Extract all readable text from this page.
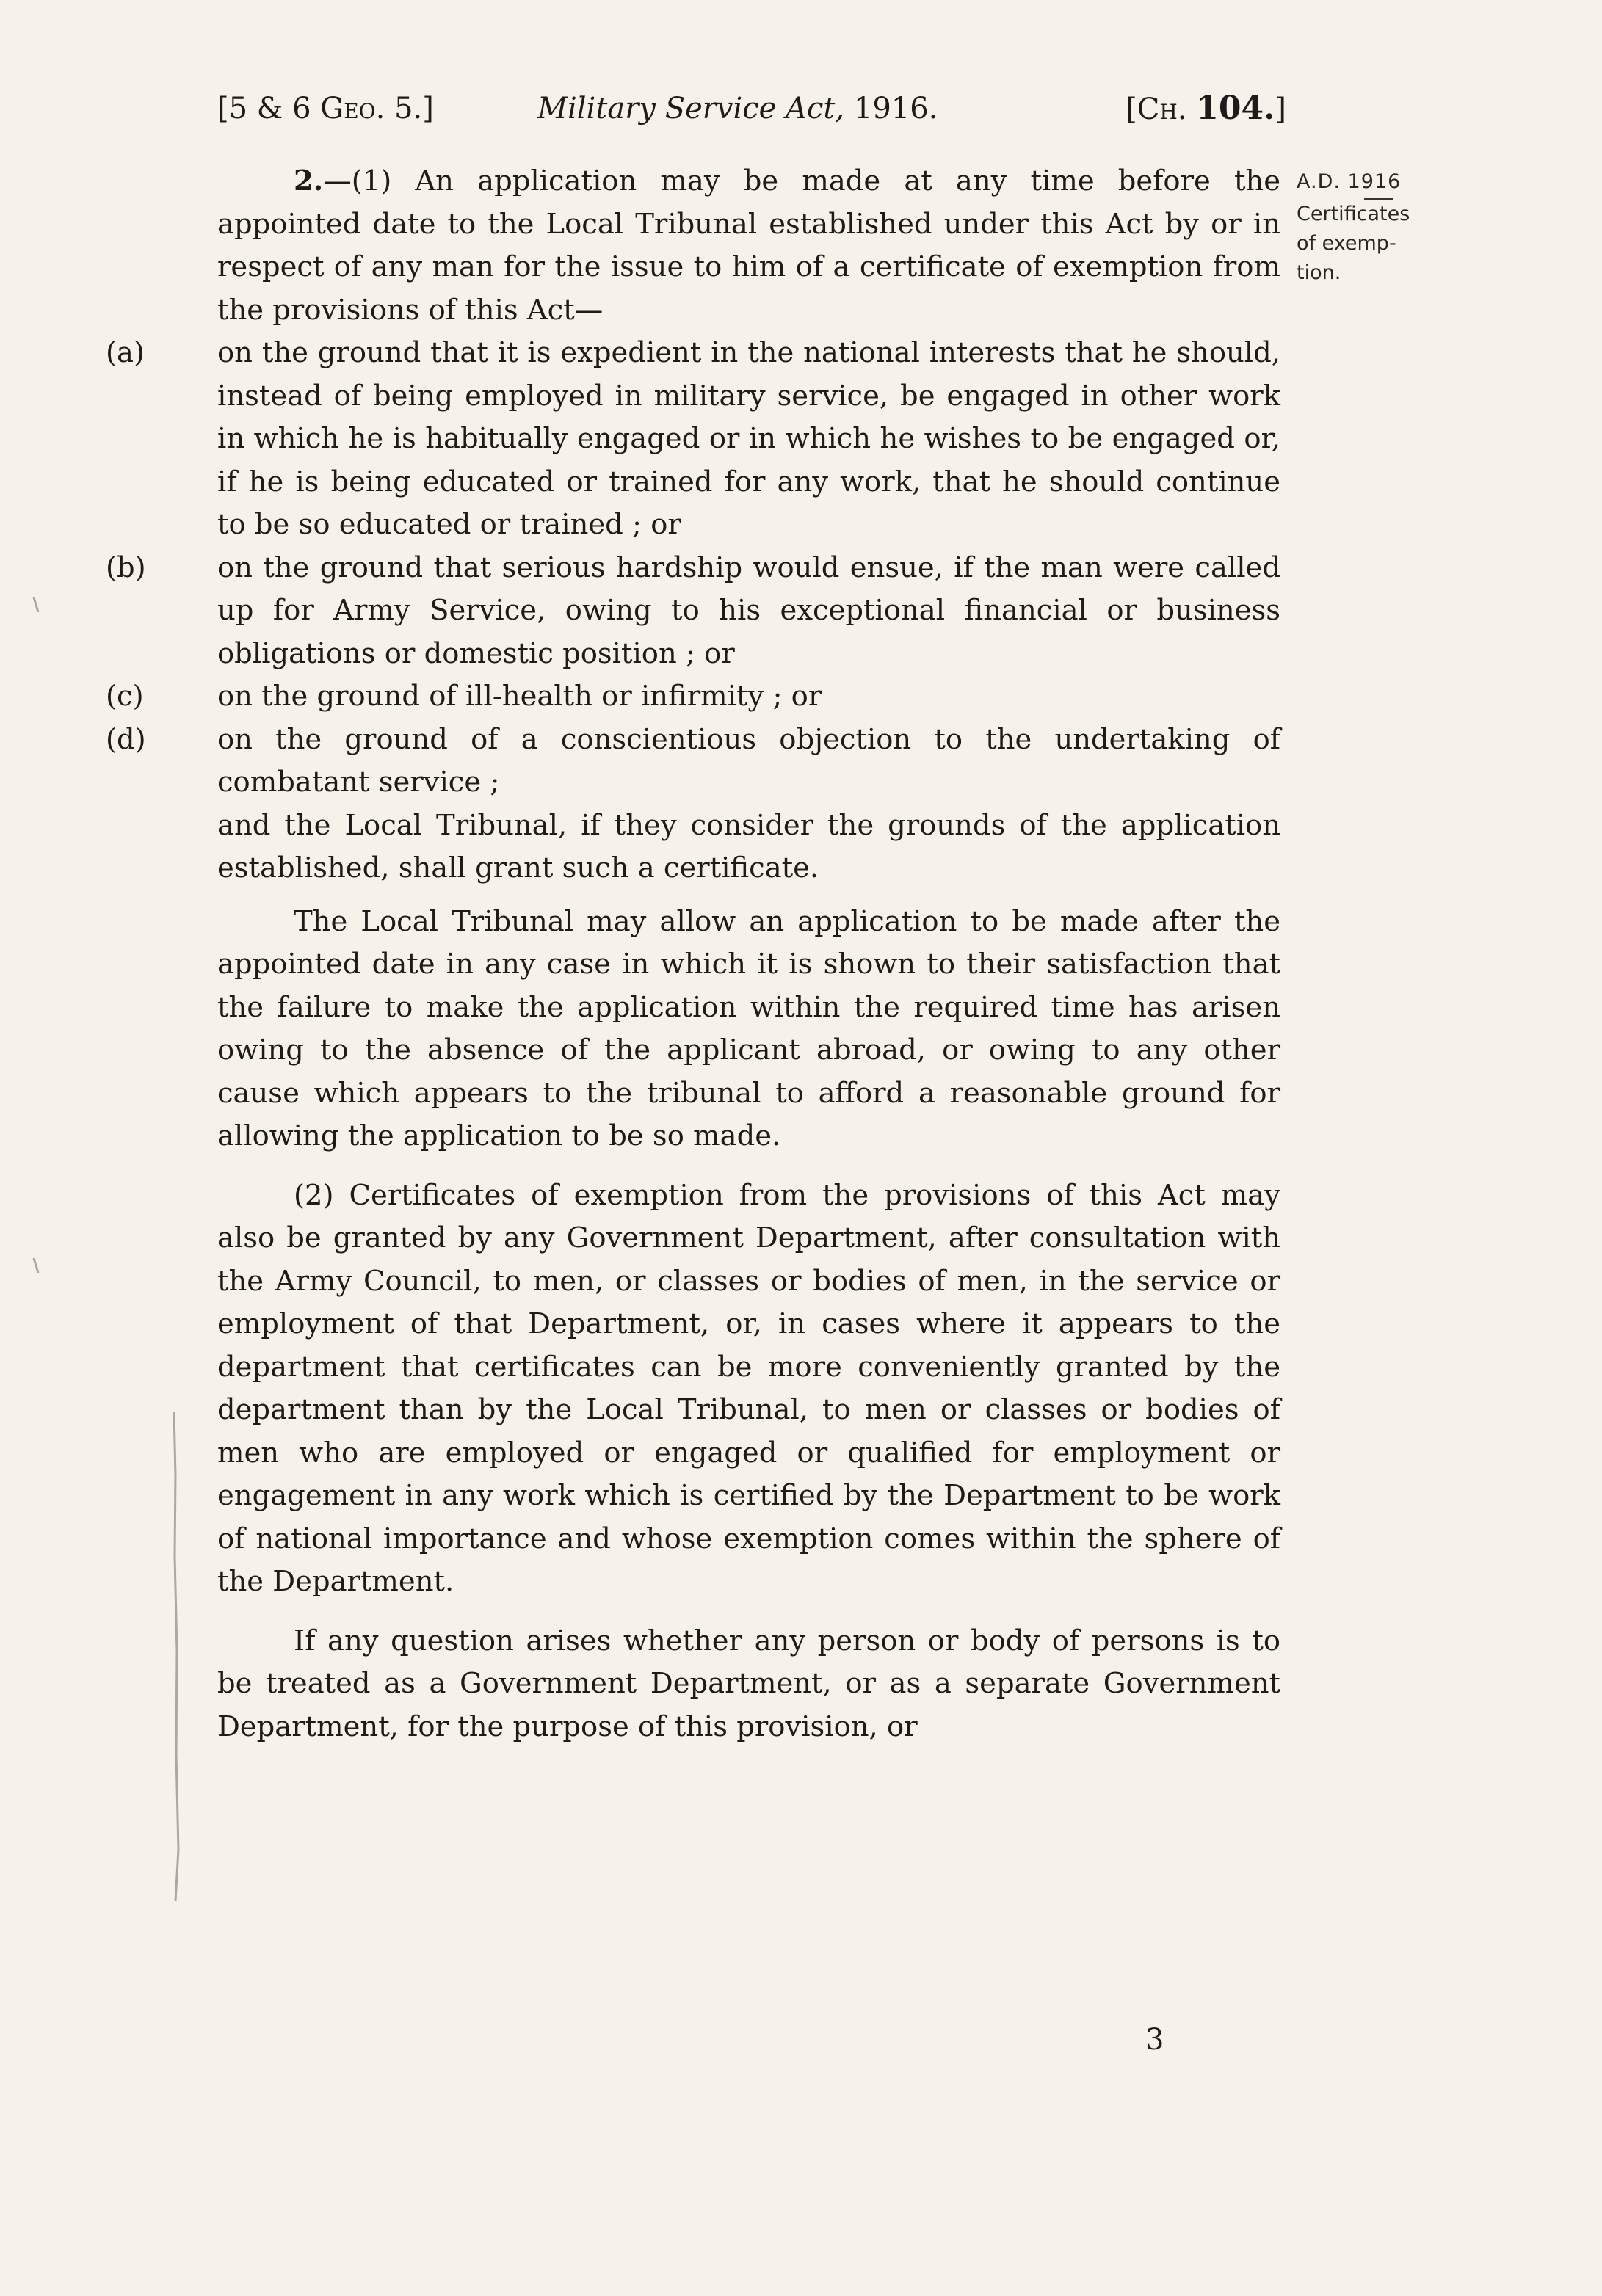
[5 & 6 Geo. 5.]	Military Service Act, 1916.	[Ch. 104.]
A.D. 1916
Certificates
of exemp-
tion.

2.—(1) An application may be made at any time before the appointed date to the Local Tribunal established under this Act by or in respect of any man for the issue to him of a certificate of exemption from the provisions of this Act—

(a)	on the ground that it is expedient in the national interests that he should, instead of being employed in military service, be engaged in other work in which he is habitually engaged or in which he wishes to be engaged or, if he is being educated or trained for any work, that he should continue to be so educated or trained ; or

(b)	on the ground that serious hardship would ensue, if the man were called up for Army Service, owing to his exceptional financial or business obligations or domestic position ; or

(c)	on the ground of ill-health or infirmity ; or

(d)	on the ground of a conscientious objection to the undertaking of combatant service ;

and the Local Tribunal, if they consider the grounds of the application established, shall grant such a certificate.

The Local Tribunal may allow an application to be made after the appointed date in any case in which it is shown to their satisfaction that the failure to make the application within the required time has arisen owing to the absence of the applicant abroad, or owing to any other cause which appears to the tribunal to afford a reasonable ground for allowing the application to be so made.

(2) Certificates of exemption from the provisions of this Act may also be granted by any Government Department, after consultation with the Army Council, to men, or classes or bodies of men, in the service or employment of that Department, or, in cases where it appears to the department that certificates can be more conveniently granted by the department than by the Local Tribunal, to men or classes or bodies of men who are employed or engaged or qualified for employment or engagement in any work which is certified by the Department to be work of national importance and whose exemption comes within the sphere of the Department.

If any question arises whether any person or body of persons is to be treated as a Government Department, or as a separate Government Department, for the purpose of this provision, or

3
